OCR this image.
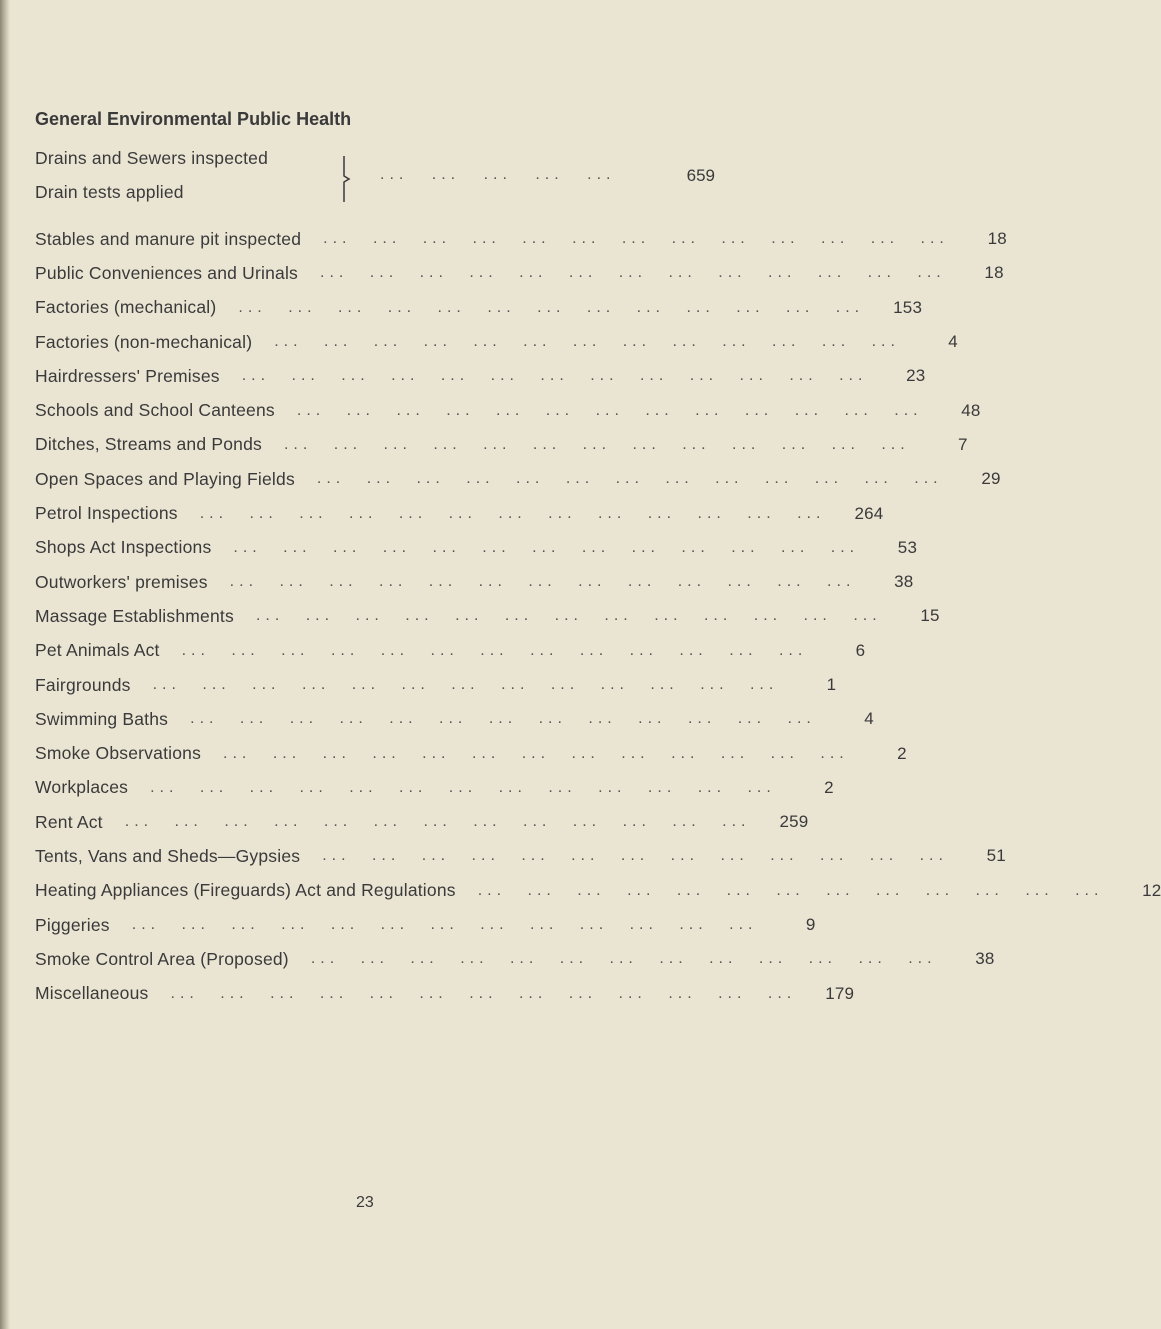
General Environmental Public Health
Drains and Sewers inspected
Drain tests applied
... ... ... ... ...	659
Stables and manure pit inspected ... ... ... ... ... ... ... ... ... ... ... ... ...	18
Public Conveniences and Urinals ... ... ... ... ... ... ... ... ... ... ... ... ...	18
Factories (mechanical) ... ... ... ... ... ... ... ... ... ... ... ... ...	153
Factories (non-mechanical) ... ... ... ... ... ... ... ... ... ... ... ... ...	4
Hairdressers' Premises ... ... ... ... ... ... ... ... ... ... ... ... ...	23
Schools and School Canteens ... ... ... ... ... ... ... ... ... ... ... ... ...	48
Ditches, Streams and Ponds ... ... ... ... ... ... ... ... ... ... ... ... ...	7
Open Spaces and Playing Fields ... ... ... ... ... ... ... ... ... ... ... ... ...	29
Petrol Inspections ... ... ... ... ... ... ... ... ... ... ... ... ...	264
Shops Act Inspections ... ... ... ... ... ... ... ... ... ... ... ... ...	53
Outworkers' premises ... ... ... ... ... ... ... ... ... ... ... ... ...	38
Massage Establishments ... ... ... ... ... ... ... ... ... ... ... ... ...	15
Pet Animals Act ... ... ... ... ... ... ... ... ... ... ... ... ...	6
Fairgrounds ... ... ... ... ... ... ... ... ... ... ... ... ...	1
Swimming Baths ... ... ... ... ... ... ... ... ... ... ... ... ...	4
Smoke Observations ... ... ... ... ... ... ... ... ... ... ... ... ...	2
Workplaces ... ... ... ... ... ... ... ... ... ... ... ... ...	2
Rent Act ... ... ... ... ... ... ... ... ... ... ... ... ...	259
Tents, Vans and Sheds—Gypsies ... ... ... ... ... ... ... ... ... ... ... ... ...	51
Heating Appliances (Fireguards) Act and Regulations ... ... ... ... ... ... ... ... ... ... ... ... ...	12
Piggeries ... ... ... ... ... ... ... ... ... ... ... ... ...	9
Smoke Control Area (Proposed) ... ... ... ... ... ... ... ... ... ... ... ... ...	38
Miscellaneous ... ... ... ... ... ... ... ... ... ... ... ... ...	179
23
